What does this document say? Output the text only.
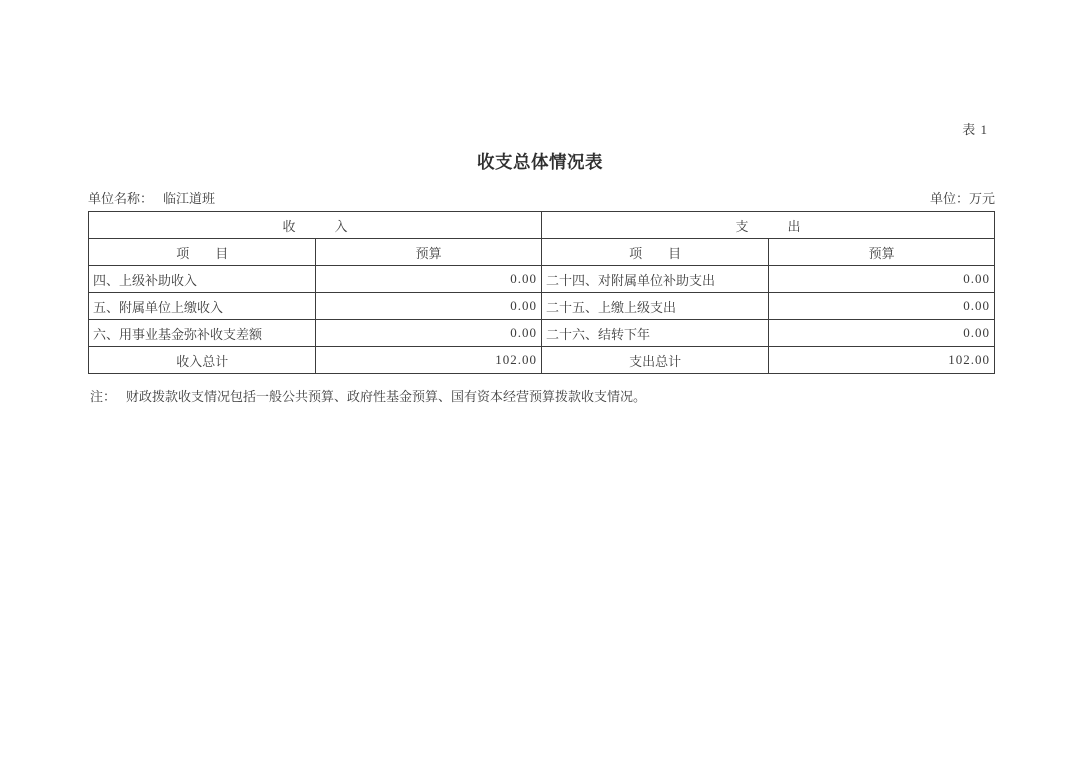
表 1
收支总体情况表
单位名称： 临江道班	单位：万元
收　　　入		支　　　出	
项　　目	预算	项　　目	预算
四、上级补助收入	0.00	二十四、对附属单位补助支出	0.00
五、附属单位上缴收入	0.00	二十五、上缴上级支出	0.00
六、用事业基金弥补收支差额	0.00	二十六、结转下年	0.00
收入总计	102.00	支出总计	102.00
注： 财政拨款收支情况包括一般公共预算、政府性基金预算、国有资本经营预算拨款收支情况。
